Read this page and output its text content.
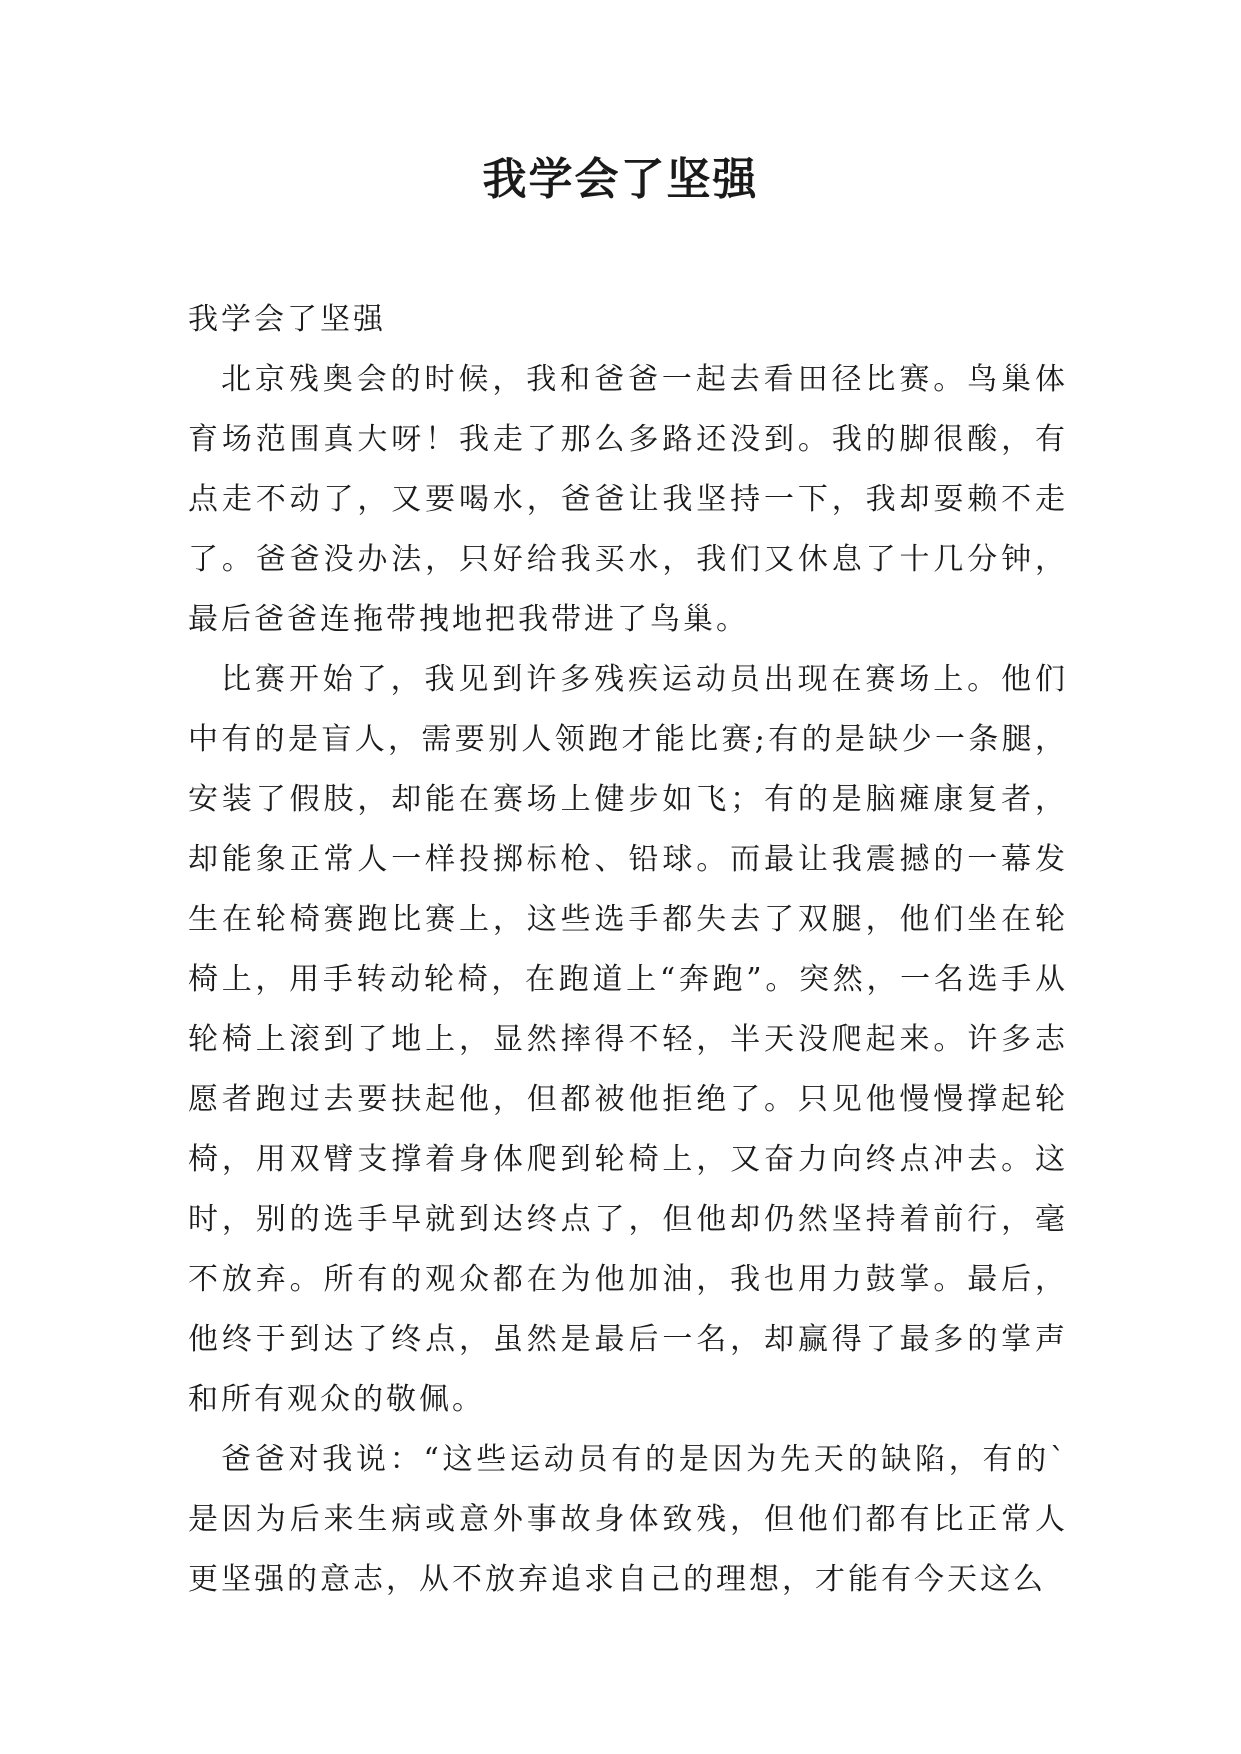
我学会了坚强

我学会了坚强

北京残奥会的时候，我和爸爸一起去看田径比赛。鸟巢体育场范围真大呀！我走了那么多路还没到。我的脚很酸，有点走不动了，又要喝水，爸爸让我坚持一下，我却耍赖不走了。爸爸没办法，只好给我买水，我们又休息了十几分钟，最后爸爸连拖带拽地把我带进了鸟巢。

比赛开始了，我见到许多残疾运动员出现在赛场上。他们中有的是盲人，需要别人领跑才能比赛;有的是缺少一条腿，安装了假肢，却能在赛场上健步如飞；有的是脑瘫康复者，却能象正常人一样投掷标枪、铅球。而最让我震撼的一幕发生在轮椅赛跑比赛上，这些选手都失去了双腿，他们坐在轮椅上，用手转动轮椅，在跑道上“奔跑”。突然，一名选手从轮椅上滚到了地上，显然摔得不轻，半天没爬起来。许多志愿者跑过去要扶起他，但都被他拒绝了。只见他慢慢撑起轮椅，用双臂支撑着身体爬到轮椅上，又奋力向终点冲去。这时，别的选手早就到达终点了，但他却仍然坚持着前行，毫不放弃。所有的观众都在为他加油，我也用力鼓掌。最后，他终于到达了终点，虽然是最后一名，却赢得了最多的掌声和所有观众的敬佩。

爸爸对我说：“这些运动员有的是因为先天的缺陷，有的`是因为后来生病或意外事故身体致残，但他们都有比正常人更坚强的意志，从不放弃追求自己的理想，才能有今天这么
